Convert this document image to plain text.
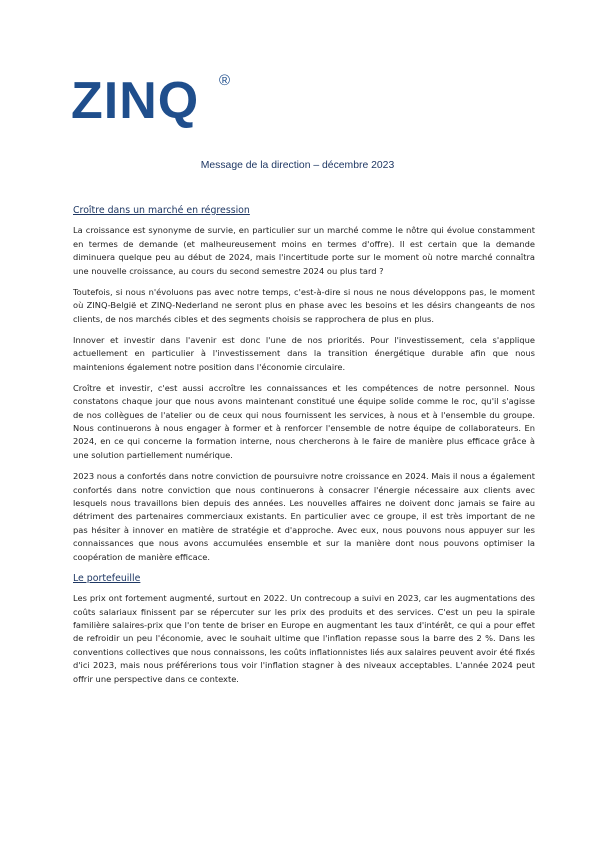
ZINQ ®
Message de la direction – décembre 2023
Croître dans un marché en régression

La croissance est synonyme de survie, en particulier sur un marché comme le nôtre qui évolue constamment en termes de demande (et malheureusement moins en termes d'offre). Il est certain que la demande diminuera quelque peu au début de 2024, mais l'incertitude porte sur le moment où notre marché connaîtra une nouvelle croissance, au cours du second semestre 2024 ou plus tard ?

Toutefois, si nous n'évoluons pas avec notre temps, c'est-à-dire si nous ne nous développons pas, le moment où ZINQ-België et ZINQ-Nederland ne seront plus en phase avec les besoins et les désirs changeants de nos clients, de nos marchés cibles et des segments choisis se rapprochera de plus en plus.

Innover et investir dans l'avenir est donc l'une de nos priorités. Pour l'investissement, cela s'applique actuellement en particulier à l'investissement dans la transition énergétique durable afin que nous maintenions également notre position dans l'économie circulaire.

Croître et investir, c'est aussi accroître les connaissances et les compétences de notre personnel. Nous constatons chaque jour que nous avons maintenant constitué une équipe solide comme le roc, qu'il s'agisse de nos collègues de l'atelier ou de ceux qui nous fournissent les services, à nous et à l'ensemble du groupe. Nous continuerons à nous engager à former et à renforcer l'ensemble de notre équipe de collaborateurs. En 2024, en ce qui concerne la formation interne, nous chercherons à le faire de manière plus efficace grâce à une solution partiellement numérique.

2023 nous a confortés dans notre conviction de poursuivre notre croissance en 2024. Mais il nous a également confortés dans notre conviction que nous continuerons à consacrer l'énergie nécessaire aux clients avec lesquels nous travaillons bien depuis des années. Les nouvelles affaires ne doivent donc jamais se faire au détriment des partenaires commerciaux existants. En particulier avec ce groupe, il est très important de ne pas hésiter à innover en matière de stratégie et d'approche. Avec eux, nous pouvons nous appuyer sur les connaissances que nous avons accumulées ensemble et sur la manière dont nous pouvons optimiser la coopération de manière efficace.

Le portefeuille

Les prix ont fortement augmenté, surtout en 2022. Un contrecoup a suivi en 2023, car les augmentations des coûts salariaux finissent par se répercuter sur les prix des produits et des services. C'est un peu la spirale familière salaires-prix que l'on tente de briser en Europe en augmentant les taux d'intérêt, ce qui a pour effet de refroidir un peu l'économie, avec le souhait ultime que l'inflation repasse sous la barre des 2 %. Dans les conventions collectives que nous connaissons, les coûts inflationnistes liés aux salaires peuvent avoir été fixés d'ici 2023, mais nous préférerions tous voir l'inflation stagner à des niveaux acceptables. L'année 2024 peut offrir une perspective dans ce contexte.
